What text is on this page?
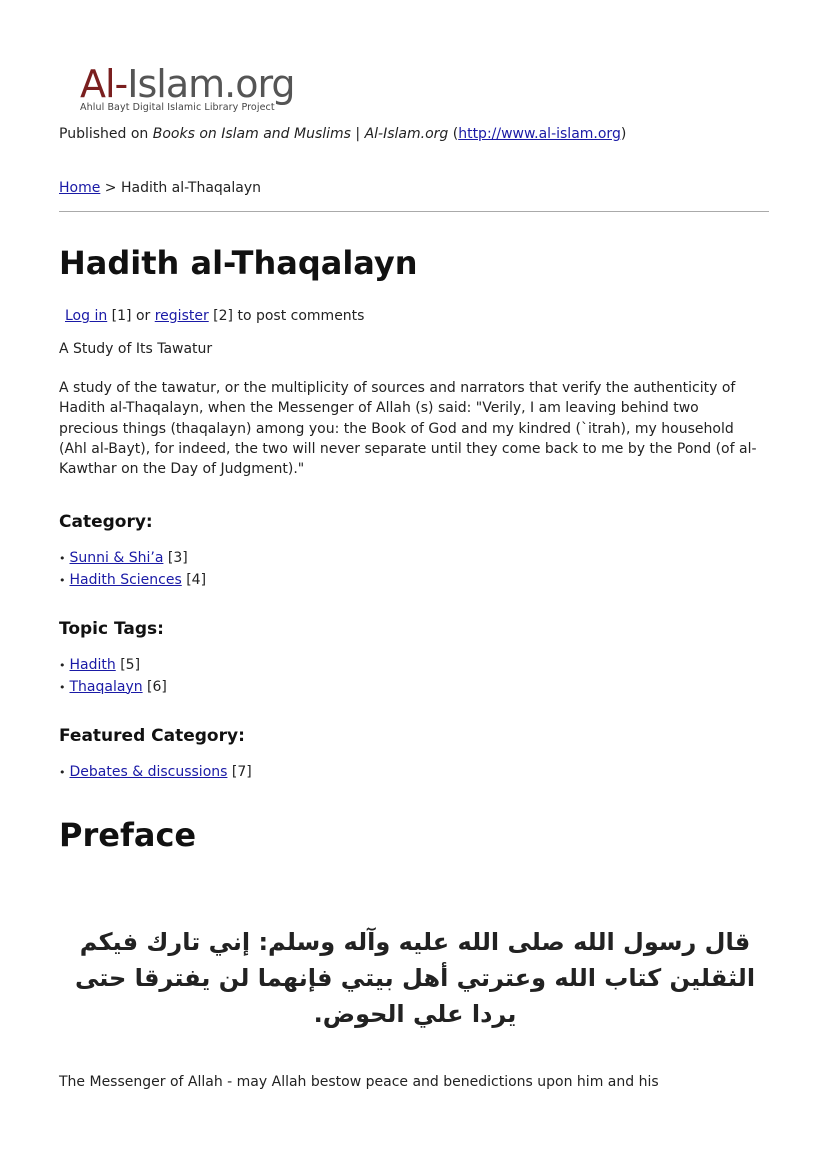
Al-Islam.org
Ahlul Bayt Digital Islamic Library Project
Published on Books on Islam and Muslims | Al-Islam.org (http://www.al-islam.org)
Home > Hadith al-Thaqalayn
Hadith al-Thaqalayn
Log in [1] or register [2] to post comments
A Study of Its Tawatur
A study of the tawatur, or the multiplicity of sources and narrators that verify the authenticity of Hadith al-Thaqalayn, when the Messenger of Allah (s) said: "Verily, I am leaving behind two precious things (thaqalayn) among you: the Book of God and my kindred (`itrah), my household (Ahl al-Bayt), for indeed, the two will never separate until they come back to me by the Pond (of al-Kawthar on the Day of Judgment)."
Category:
• Sunni & Shi’a [3]
• Hadith Sciences [4]
Topic Tags:
• Hadith [5]
• Thaqalayn [6]
Featured Category:
• Debates & discussions [7]
Preface
قال رسول الله صلى الله عليه وآله وسلم: إني تارك فيكم الثقلين كتاب الله وعترتي أهل بيتي فإنهما لن يفترقا حتى يردا علي الحوض.
The Messenger of Allah - may Allah bestow peace and benedictions upon him and his
